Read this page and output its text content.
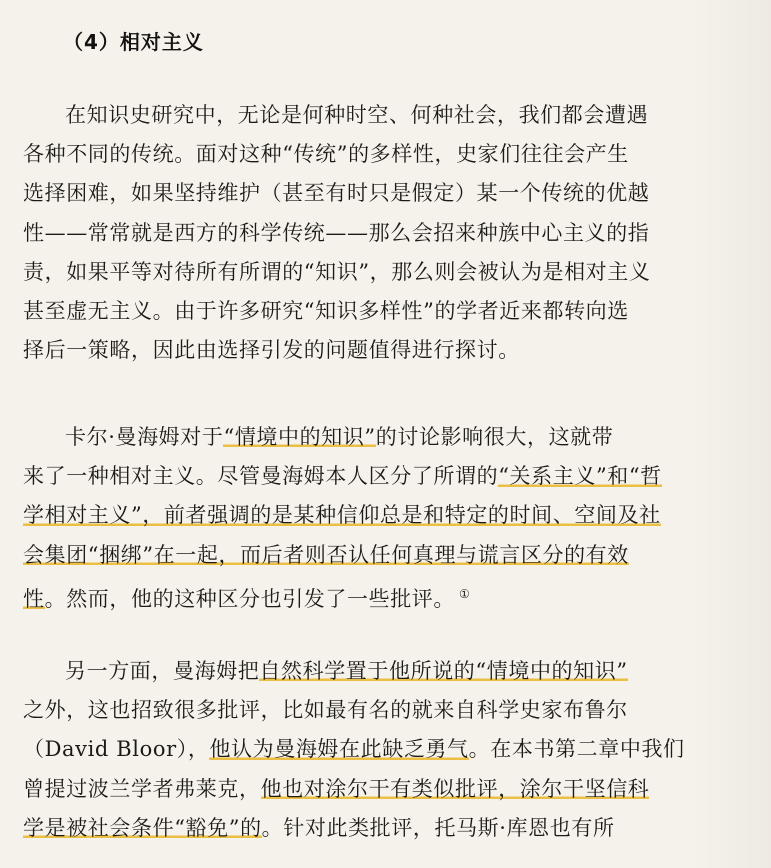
（4）相对主义
在知识史研究中，无论是何种时空、何种社会，我们都会遭遇
各种不同的传统。面对这种“传统”的多样性，史家们往往会产生
选择困难，如果坚持维护（甚至有时只是假定）某一个传统的优越
性——常常就是西方的科学传统——那么会招来种族中心主义的指
责，如果平等对待所有所谓的“知识”，那么则会被认为是相对主义
甚至虚无主义。由于许多研究“知识多样性”的学者近来都转向选
择后一策略，因此由选择引发的问题值得进行探讨。
卡尔·曼海姆对于“情境中的知识”的讨论影响很大，这就带
来了一种相对主义。尽管曼海姆本人区分了所谓的“关系主义”和“哲
学相对主义”，前者强调的是某种信仰总是和特定的时间、空间及社
会集团“捆绑”在一起，而后者则否认任何真理与谎言区分的有效
性。然而，他的这种区分也引发了一些批评。 ①
另一方面，曼海姆把自然科学置于他所说的“情境中的知识”
之外，这也招致很多批评，比如最有名的就来自科学史家布鲁尔
（David Bloor），他认为曼海姆在此缺乏勇气。在本书第二章中我们
曾提过波兰学者弗莱克，他也对涂尔干有类似批评，涂尔干坚信科
学是被社会条件“豁免”的。针对此类批评，托马斯·库恩也有所
